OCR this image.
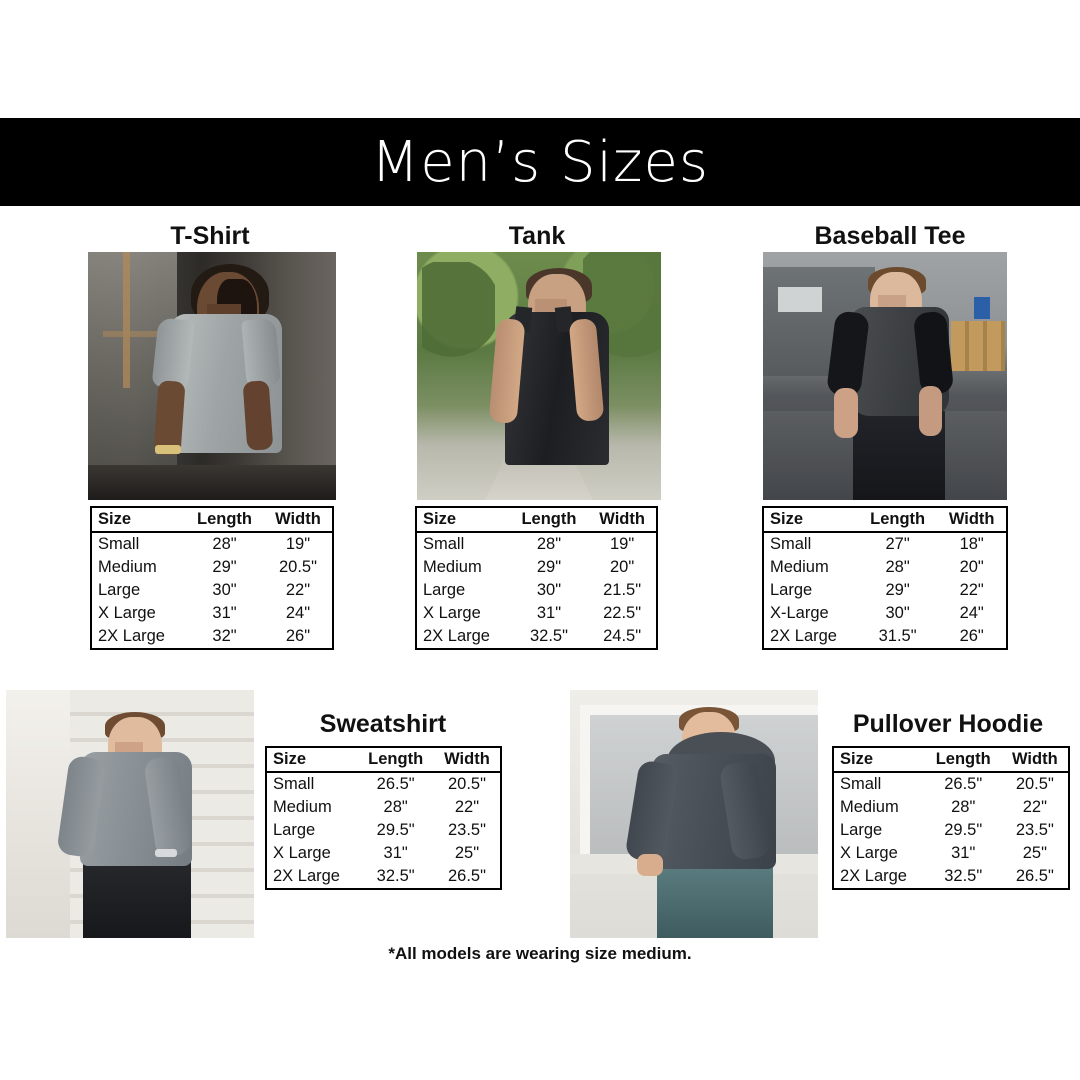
Men’s Sizes
T-Shirt
Size	Length	Width
Small	28"	19"
Medium	29"	20.5"
Large	30"	22"
X Large	31"	24"
2X Large	32"	26"
Tank
Size	Length	Width
Small	28"	19"
Medium	29"	20"
Large	30"	21.5"
X Large	31"	22.5"
2X Large	32.5"	24.5"
Baseball Tee
Size	Length	Width
Small	27"	18"
Medium	28"	20"
Large	29"	22"
X-Large	30"	24"
2X Large	31.5"	26"
Sweatshirt
Size	Length	Width
Small	26.5"	20.5"
Medium	28"	22"
Large	29.5"	23.5"
X Large	31"	25"
2X Large	32.5"	26.5"
Pullover Hoodie
Size	Length	Width
Small	26.5"	20.5"
Medium	28"	22"
Large	29.5"	23.5"
X Large	31"	25"
2X Large	32.5"	26.5"
*All models are wearing size medium.
